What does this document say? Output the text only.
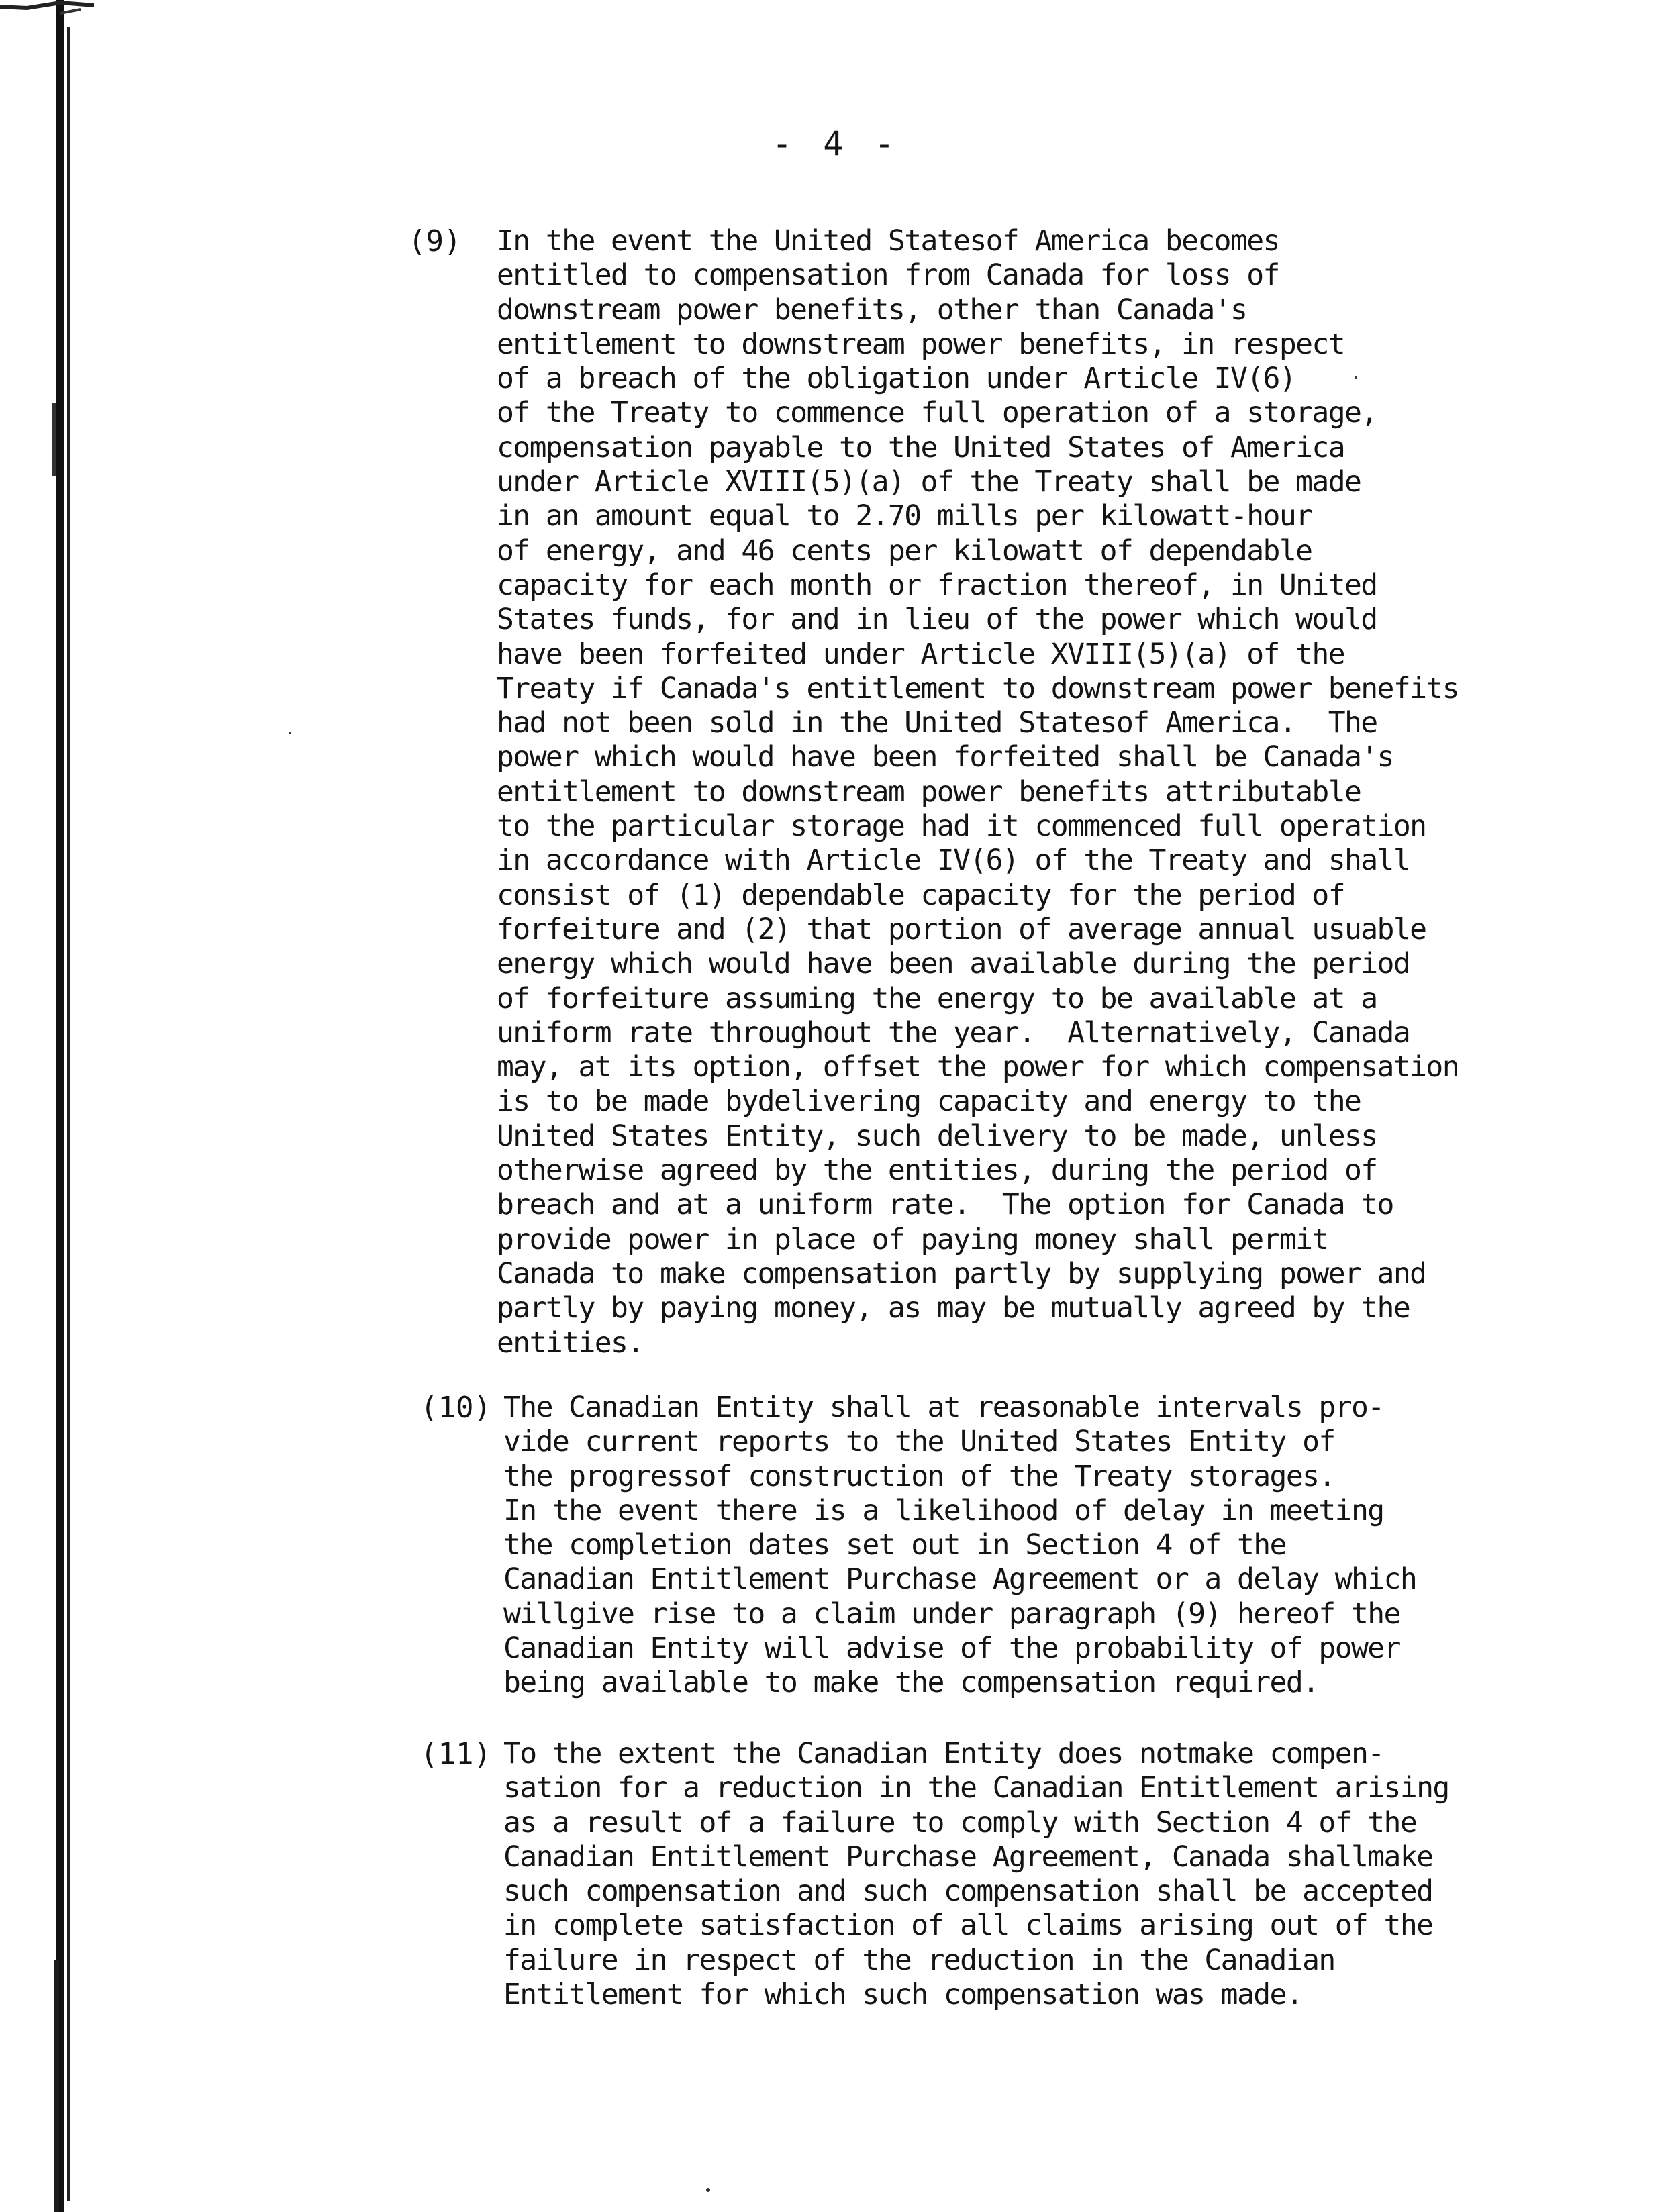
- 4 -
(9) In the event the United Statesof America becomes
entitled to compensation from Canada for loss of
downstream power benefits, other than Canada's
entitlement to downstream power benefits, in respect
of a breach of the obligation under Article IV(6)
of the Treaty to commence full operation of a storage,
compensation payable to the United States of America
under Article XVIII(5)(a) of the Treaty shall be made
in an amount equal to 2.70 mills per kilowatt-hour
of energy, and 46 cents per kilowatt of dependable
capacity for each month or fraction thereof, in United
States funds, for and in lieu of the power which would
have been forfeited under Article XVIII(5)(a) of the
Treaty if Canada's entitlement to downstream power benefits
had not been sold in the United Statesof America.  The
power which would have been forfeited shall be Canada's
entitlement to downstream power benefits attributable
to the particular storage had it commenced full operation
in accordance with Article IV(6) of the Treaty and shall
consist of (1) dependable capacity for the period of
forfeiture and (2) that portion of average annual usuable
energy which would have been available during the period
of forfeiture assuming the energy to be available at a
uniform rate throughout the year.  Alternatively, Canada
may, at its option, offset the power for which compensation
is to be made bydelivering capacity and energy to the
United States Entity, such delivery to be made, unless
otherwise agreed by the entities, during the period of
breach and at a uniform rate.  The option for Canada to
provide power in place of paying money shall permit
Canada to make compensation partly by supplying power and
partly by paying money, as may be mutually agreed by the
entities.
(10) The Canadian Entity shall at reasonable intervals pro-
vide current reports to the United States Entity of
the progressof construction of the Treaty storages.
In the event there is a likelihood of delay in meeting
the completion dates set out in Section 4 of the
Canadian Entitlement Purchase Agreement or a delay which
willgive rise to a claim under paragraph (9) hereof the
Canadian Entity will advise of the probability of power
being available to make the compensation required.
(11) To the extent the Canadian Entity does notmake compen-
sation for a reduction in the Canadian Entitlement arising
as a result of a failure to comply with Section 4 of the
Canadian Entitlement Purchase Agreement, Canada shallmake
such compensation and such compensation shall be accepted
in complete satisfaction of all claims arising out of the
failure in respect of the reduction in the Canadian
Entitlement for which such compensation was made.
